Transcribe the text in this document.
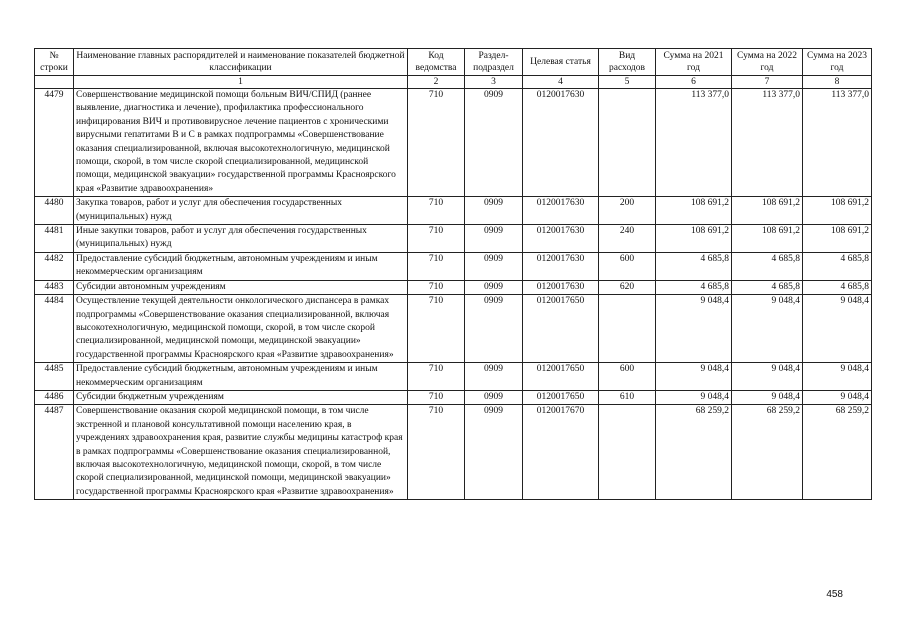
№ строки	Наименование главных распорядителей и наименование показателей бюджетной классификации	Код ведомства	Раздел-подраздел	Целевая статья	Вид расходов	Сумма на 2021 год	Сумма на 2022 год	Сумма на 2023 год
	1	2	3	4	5	6	7	8
4479	Совершенствование медицинской помощи больным ВИЧ/СПИД (раннее выявление, диагностика и лечение), профилактика профессионального инфицирования ВИЧ и противовирусное лечение пациентов с хроническими вирусными гепатитами В и С в рамках подпрограммы «Совершенствование оказания специализированной, включая высокотехнологичную, медицинской помощи, скорой, в том числе скорой специализированной, медицинской помощи, медицинской эвакуации» государственной программы Красноярского края «Развитие здравоохранения»	710	0909	0120017630		113 377,0	113 377,0	113 377,0
4480	Закупка товаров, работ и услуг для обеспечения государственных (муниципальных) нужд	710	0909	0120017630	200	108 691,2	108 691,2	108 691,2
4481	Иные закупки товаров, работ и услуг для обеспечения государственных (муниципальных) нужд	710	0909	0120017630	240	108 691,2	108 691,2	108 691,2
4482	Предоставление субсидий бюджетным, автономным учреждениям и иным некоммерческим организациям	710	0909	0120017630	600	4 685,8	4 685,8	4 685,8
4483	Субсидии автономным учреждениям	710	0909	0120017630	620	4 685,8	4 685,8	4 685,8
4484	Осуществление текущей деятельности онкологического диспансера в рамках подпрограммы «Совершенствование оказания специализированной, включая высокотехнологичную, медицинской помощи, скорой, в том числе скорой специализированной, медицинской помощи, медицинской эвакуации» государственной программы Красноярского края «Развитие здравоохранения»	710	0909	0120017650		9 048,4	9 048,4	9 048,4
4485	Предоставление субсидий бюджетным, автономным учреждениям и иным некоммерческим организациям	710	0909	0120017650	600	9 048,4	9 048,4	9 048,4
4486	Субсидии бюджетным учреждениям	710	0909	0120017650	610	9 048,4	9 048,4	9 048,4
4487	Совершенствование оказания скорой медицинской помощи, в том числе экстренной и плановой консультативной помощи населению края, в учреждениях здравоохранения края, развитие службы медицины катастроф края в рамках подпрограммы «Совершенствование оказания специализированной, включая высокотехнологичную, медицинской помощи, скорой, в том числе скорой специализированной, медицинской помощи, медицинской эвакуации» государственной программы Красноярского края «Развитие здравоохранения»	710	0909	0120017670		68 259,2	68 259,2	68 259,2
458
